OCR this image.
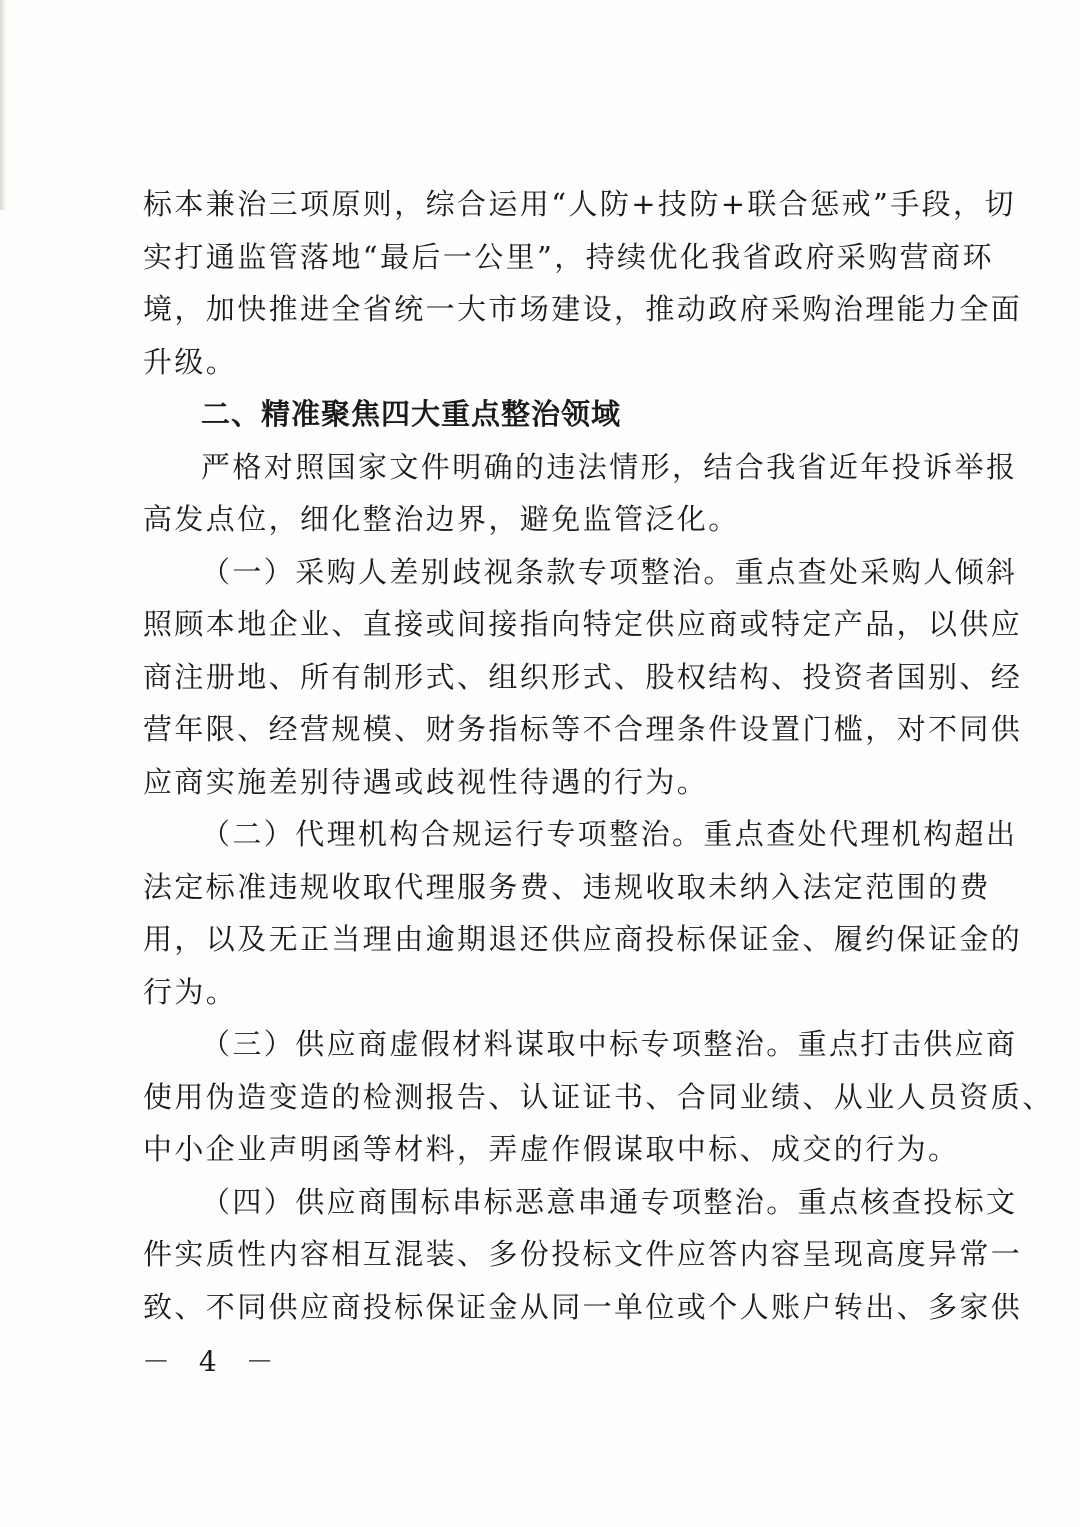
标本兼治三项原则，综合运用“人防+技防+联合惩戒”手段，切
实打通监管落地“最后一公里”，持续优化我省政府采购营商环
境，加快推进全省统一大市场建设，推动政府采购治理能力全面
升级。
二、精准聚焦四大重点整治领域
严格对照国家文件明确的违法情形，结合我省近年投诉举报
高发点位，细化整治边界，避免监管泛化。
（一）采购人差别歧视条款专项整治。重点查处采购人倾斜
照顾本地企业、直接或间接指向特定供应商或特定产品，以供应
商注册地、所有制形式、组织形式、股权结构、投资者国别、经
营年限、经营规模、财务指标等不合理条件设置门槛，对不同供
应商实施差别待遇或歧视性待遇的行为。
（二）代理机构合规运行专项整治。重点查处代理机构超出
法定标准违规收取代理服务费、违规收取未纳入法定范围的费
用，以及无正当理由逾期退还供应商投标保证金、履约保证金的
行为。
（三）供应商虚假材料谋取中标专项整治。重点打击供应商
使用伪造变造的检测报告、认证证书、合同业绩、从业人员资质、
中小企业声明函等材料，弄虚作假谋取中标、成交的行为。
（四）供应商围标串标恶意串通专项整治。重点核查投标文
件实质性内容相互混装、多份投标文件应答内容呈现高度异常一
致、不同供应商投标保证金从同一单位或个人账户转出、多家供
－ 4 －
